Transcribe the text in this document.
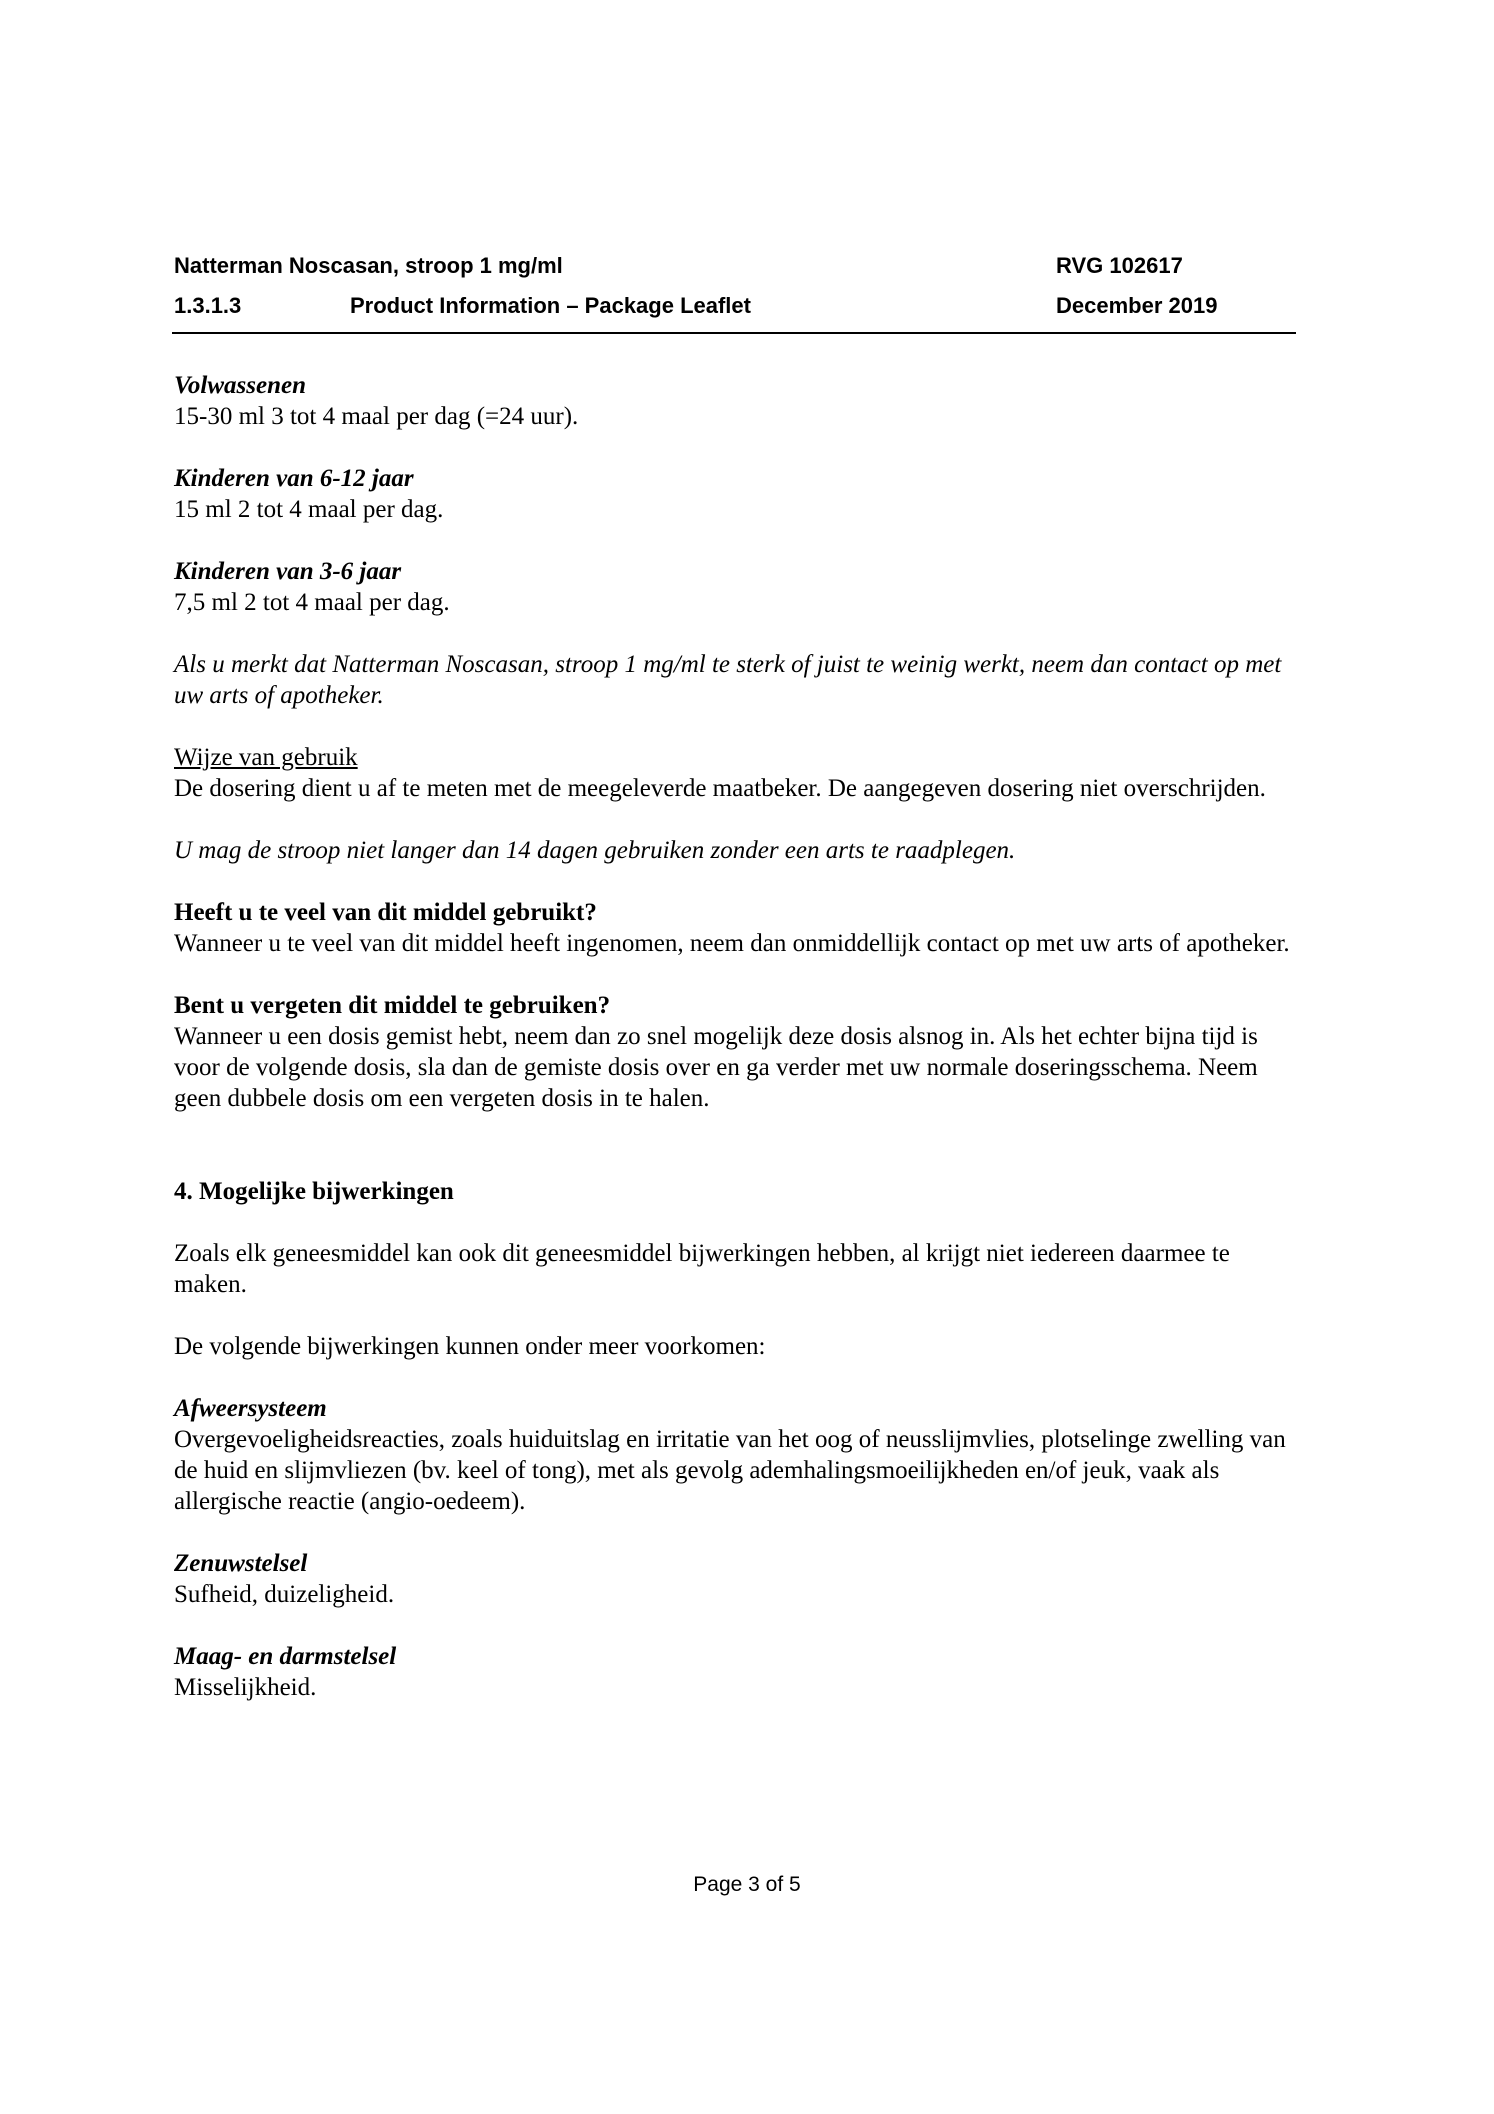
Natterman Noscasan, stroop 1 mg/ml	RVG 102617
1.3.1.3	Product Information – Package Leaflet	December 2019

Volwassenen

15-30 ml 3 tot 4 maal per dag (=24 uur).

Kinderen van 6-12 jaar

15 ml 2 tot 4 maal per dag.

Kinderen van 3-6 jaar

7,5 ml 2 tot 4 maal per dag.

Als u merkt dat Natterman Noscasan, stroop 1 mg/ml te sterk of juist te weinig werkt, neem dan contact op met uw arts of apotheker.

Wijze van gebruik

De dosering dient u af te meten met de meegeleverde maatbeker. De aangegeven dosering niet overschrijden.

U mag de stroop niet langer dan 14 dagen gebruiken zonder een arts te raadplegen.

Heeft u te veel van dit middel gebruikt?

Wanneer u te veel van dit middel heeft ingenomen, neem dan onmiddellijk contact op met uw arts of apotheker.

Bent u vergeten dit middel te gebruiken?

Wanneer u een dosis gemist hebt, neem dan zo snel mogelijk deze dosis alsnog in. Als het echter bijna tijd is voor de volgende dosis, sla dan de gemiste dosis over en ga verder met uw normale doseringsschema. Neem geen dubbele dosis om een vergeten dosis in te halen.

4. Mogelijke bijwerkingen

Zoals elk geneesmiddel kan ook dit geneesmiddel bijwerkingen hebben, al krijgt niet iedereen daarmee te maken.

De volgende bijwerkingen kunnen onder meer voorkomen:

Afweersysteem

Overgevoeligheidsreacties, zoals huiduitslag en irritatie van het oog of neusslijmvlies, plotselinge zwelling van de huid en slijmvliezen (bv. keel of tong), met als gevolg ademhalingsmoeilijkheden en/of jeuk, vaak als allergische reactie (angio-oedeem).

Zenuwstelsel

Sufheid, duizeligheid.

Maag- en darmstelsel

Misselijkheid.

Page 3 of 5
